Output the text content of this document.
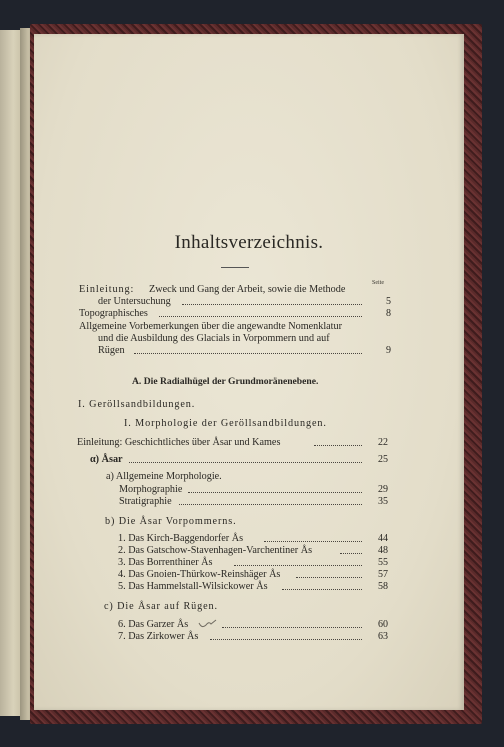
Inhaltsverzeichnis.
Seite
Einleitung: Zweck und Gang der Arbeit, sowie die Methode
der Untersuchung	5
Topographisches	8
Allgemeine Vorbemerkungen über die angewandte Nomenklatur
und die Ausbildung des Glacials in Vorpommern und auf
Rügen	9
A. Die Radialhügel der Grundmoränenebene.
I. Geröllsandbildungen.
I. Morphologie der Geröllsandbildungen.
Einleitung: Geschichtliches über Åsar und Kames	22
α) Åsar	25
a) Allgemeine Morphologie.
Morphographie	29
Stratigraphie	35
b) Die Åsar Vorpommerns.
1. Das Kirch-Baggendorfer Ås	44
2. Das Gatschow-Stavenhagen-Varchentiner Ås	48
3. Das Borrenthiner Ås	55
4. Das Gnoien-Thürkow-Reinshäger Ås	57
5. Das Hammelstall-Wilsickower Ås	58
c) Die Åsar auf Rügen.
6. Das Garzer Ås	60
7. Das Zirkower Ås	63
